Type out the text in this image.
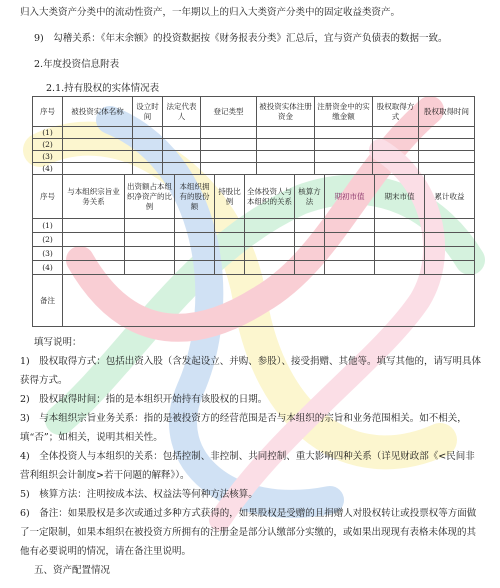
归入大类资产分类中的流动性资产，一年期以上的归入大类资产分类中的固定收益类资产。
9)　勾稽关系：《年末余额》的投资数据按《财务报表分类》汇总后，宜与资产负债表的数据一致。
2.年度投资信息附表
2.1.持有股权的实体情况表
序号	被投资实体名称	设立时间	法定代表人	登记类型	被投资实体注册资金	注册资金中的实缴金额	股权取得方式	股权取得时间
(1)								
(2)								
(3)								
(4)								
序号	与本组织宗旨业务关系	出资额占本组织净资产的比例	本组织拥有的股份额	持股比例	全体投资人与本组织的关系	核算方法	期初市值	期末市值	累计收益
(1)									
(2)									
(3)									
(4)									
备注									
填写说明：
1)　股权取得方式：包括出资入股（含发起设立、并购、参股）、接受捐赠、其他等。填写其他的，请写明具体获得方式。
2)　股权取得时间：指的是本组织开始持有该股权的日期。
3)　与本组织宗旨业务关系：指的是被投资方的经营范围是否与本组织的宗旨和业务范围相关。如不相关，填“否”；如相关，说明其相关性。
4)　全体投资人与本组织的关系：包括控制、非控制、共同控制、重大影响四种关系（详见财政部《<民间非营利组织会计制度>若干问题的解释》）。
5)　核算方法：注明按成本法、权益法等何种方法核算。
6)　备注：如果股权是多次或通过多种方式获得的，如果股权是受赠的且捐赠人对股权转让或投票权等方面做了一定限制，如果本组织在被投资方所拥有的注册金是部分认缴部分实缴的，或如果出现现有表格未体现的其他有必要说明的情况，请在备注里说明。
五、资产配置情况
